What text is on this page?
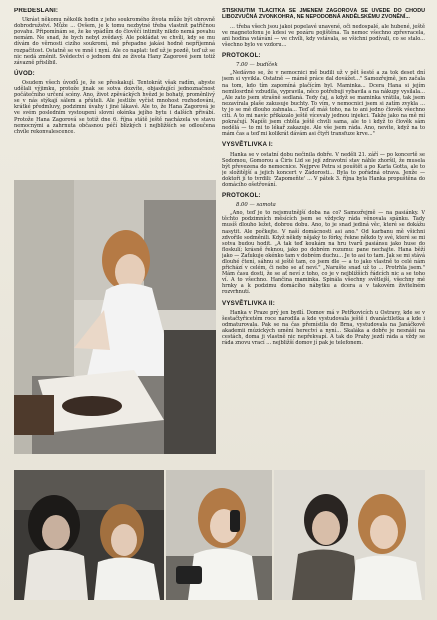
PŘEDESLÁNÍ:

Ukrást někomu několik hodin z jeho soukromého života může být obrovně dobrodružství. Může ... Ovšem, je k tomu nezbytné třeba vlastnit patřičnou povahu. Připomínám se, že ke vpádům do člověčí intimity nikdo nemá povahu nemám. Ne snad, že bych nebyl zvědavý. Ale pokládat ve chvíli, kdy se mu dívám do věrnosti cizího soukromí, mě přepadne jakási hodně nepříjemná rozpačitost. Ostatně se ve mně i nyní. Ale co naplat: teď už je pozdě, teď už se nic nedá změnit. Svědectví o jednom dni ze života Hany Zagorové jsem totiž závazně přislíbil.

ÚVOD:

Osudem všech úvodů je, že se přeskakují. Tentokrát však radím, abyste udělali výjimku, protože jinak se sotva dozvíte, objasňující jednoznačnost počátečního určení scény. Ano, život zpěváckých hvězd je bohatý, proměnlivý se v nás stýkají sálem a přáteli. Ale jestliže vyčíst mnohost rozhodování, krátké předmluvy, podzimní úvahy i jiné lákavé. Ale to, že Hana Zagorová je ve svém posledním vystoupení slovní okénka jejího bytu i dalších přivábí. Protože Hana Zagorová se totiž dne 6. října státě ještě nacházela ve stavu nemocnými a zahrnuta občasnou péčí blízkých i nejbližších se odloučena chvíle rekonvalescence.

STISKNUTÍM TLAČÍTKA SE JMÉNEM ZAGOROVÁ SE UVEDE DO CHODU LIBOZVUČNÁ ZVONKOHRA, NE NEPODOBNÁ ANDĚLSKÉMU ZVONĚNÍ...

... třeba všech jsou jakoi popelavé unavené, oči nedospalé, ale hubené, ještě ve magnetofonu je kdesi ve pozáru pojištěna. Ta nemoc všechno zpřevracela, ani hodina vstávání — ve chvíli, kdy vstávala, se všichni podívali, co se stalo... všechno bylo ve vzdoru...

PROTOKOL:
7.00 — budíček

„Nedávno se, že v nemocnici mě budili už v pět šesté a za tok deset dní jsem si vyvikla. Ostatně — mámě práce dal dovážet..." Samozřejmě, jen začala na tom, kdo tím zapomíná plačícím byl. Maminka... Dcera Hana si jejím nemilosrdně vzbudila, vypravila, něco potřebuji vybavila a na nákupy vysílala... „Ale zato jsem strašně sedlaná. Tedy čaj, a když se maminka vrátila, tak jsem nezavírala plaše zakusuje buchty. To vím, v nemocnici jsem si zatím zvykla ... ty jo se mě dlouho zahnala... Teď ať máš toho, na to ani jedno člověk všechno cítí. A to mi navíc přikázalo ještě vícevaly jednou injekci. Takže jako na mě mí pokračují. Napíši jsem chtěla ještě chvíli sama, ale to i když to člověk sám nedělá — to mi to lékař zakazuje. Ale vše jsem ráda. Ano, nevíte, když na to mám čas a teď mi kolikrát dávám asi čtyři transfuze krve..."

VYSVĚTLIVKA I:

Hanka se v ostatní dobu nečinila dobře. V neděli 21. září — po koncertě se Sodomou, Gomorou a Čiris Lid se její zdravotní stav náhle zhoršil, že musela být převezena do nemocnice. Nejprve Petra si pouštět a po Karla Gotta, ale to je složitější a jejich koncert v Zádorosti... Byla to pořádná otrava. Jenže — doktoři jí to tvrdili: 'Zapomeňte' ... V pátek 3. října byla Hanka propuštěna do domácího ošetřování.

PROTOKOL:
8.00 — samota

„Ano, teď je to nejsmutnější doba na co? Samozřejmě — na pasiánky. V těchto podzimních měsících jsem se vždycky ráda věnovala spánku. Tady musíš dlouho ležet, dobrou dobu. Ano, to je snad jediná věc, které se dokážu nasytit. Ale počkejte. V naší domácnosti asi ano." Od karbanu mě všichni zdvořile sodměnili. Když někdy nějaký to fórky, řekne někdo ty své, které se mi sotva budou hodit. „A tak teď koukám na hru tvarů pasiánsu jako huse do floskulí; krásně řeknou, jako po dobrém rozumu: pane nechajte. Hana běží jako — Zaťukuje okénko tam v dobrém duchu... Je to asi to tam. Jak se mi stává dlouhé čtení, sáhnu si ještě tam, co jsem dle — a to jako vlastně to celé nám přichází v celém, či nebo se ať neví." „Narušte snad už to ... Protrhla jsem." Mám času dosti, že se ať neví z toho, co je v nejbližších řádcích nic a se toho ví. A to všechno. Hančina maminka. Spinála všechny světlejší, všechny mé hrnky a k podzimu domácího nábytku a dcera a v takovém živitelném rozvrhnutí.

VYSVĚTLIVKA II:

Hanka v Praze prý jen bydlí. Domov má v Petřkovicích u Ostravy, kde se v šestačtyřicetém roce narodila a kde vystudovala ještě i dvanáctiletka a kde i odmaturovala. Pak se na čas přemístila do Brna, vystudovala na Janáčkově akademii múzických umění herectví a nyní... Skaláka a dobře je nesnáší na cestách, doma ji vlastně nic nepřekvapí. A tak do Prahy jezdí ráda a vždy se ráda znovu vrací ... nejbližší domov jí pak je telefonem.
